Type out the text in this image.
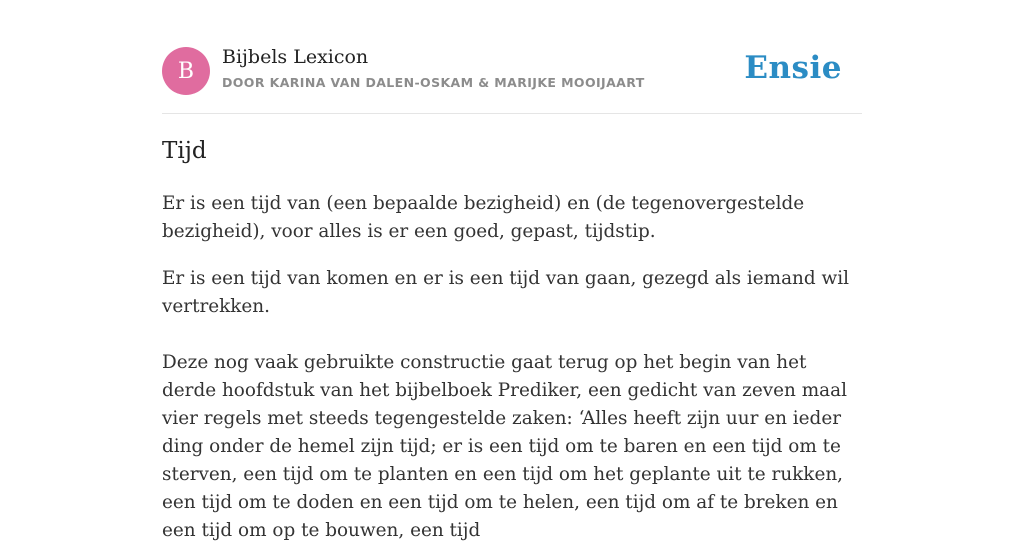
B
Bijbels Lexicon
DOOR KARINA VAN DALEN-OSKAM & MARIJKE MOOIJAART	Ensie
Tijd

Er is een tijd van (een bepaalde bezigheid) en (de tegenovergestelde bezigheid), voor alles is er een goed, gepast, tijdstip.

Er is een tijd van komen en er is een tijd van gaan, gezegd als iemand wil vertrekken.

Deze nog vaak gebruikte constructie gaat terug op het begin van het derde hoofdstuk van het bijbelboek Prediker, een gedicht van zeven maal vier regels met steeds tegengestelde zaken: ‘Alles heeft zijn uur en ieder ding onder de hemel zijn tijd; er is een tijd om te baren en een tijd om te sterven, een tijd om te planten en een tijd om het geplante uit te rukken, een tijd om te doden en een tijd om te helen, een tijd om af te breken en een tijd om op te bouwen, een tijd
